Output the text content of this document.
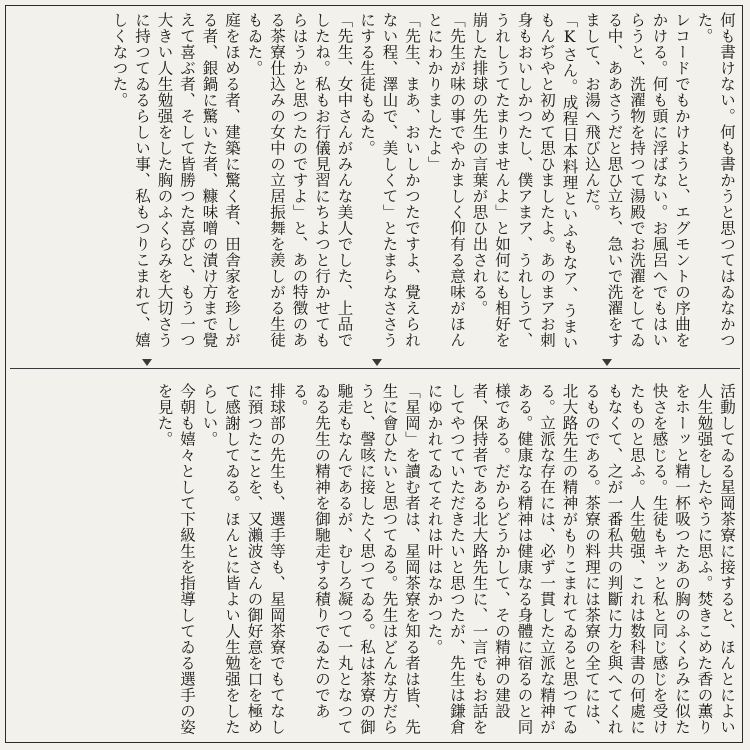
何も書けない。何も書かうと思つてはゐなかつた。

レコードでもかけようと、エグモントの序曲をかける。何も頭に浮ばない。お風呂へでもはいらうと、洗濯物を持つて湯殿でお洗濯をしてゐる中、ああさうだと思ひ立ち、急いで洗濯をすまして、お湯へ飛び込んだ。

「Kさん。成程日本料理といふもなア、うまいもんぢやと初めて思ひましたよ。あのまアお刺身もおいしかつたし、僕アまア、うれしうて、うれしうてたまりませんよ」と如何にも相好を崩した排球の先生の言葉が思ひ出される。

「先生が味の事でやかましく仰有る意味がほんとにわかりましたよ」

「先生、まあ、おいしかつたですよ、覺えられない程、澤山で、美しくて」とたまらなささうにする生徒もゐた。

「先生、女中さんがみんな美人でした、上品でしたね。私もお行儀見習にちよつと行かせてもらはうかと思つたのですよ」と、あの特徴のある茶寮仕込みの女中の立居振舞を羨しがる生徒もゐた。

庭をほめる者、建築に驚く者、田舎家を珍しがる者、銀鍋に驚いた者、糠味噌の漬け方まで覺えて喜ぶ者、そして皆勝つた喜びと、もう一つ大きい人生勉强をした胸のふくらみを大切さうに持つてゐるらしい事、私もつりこまれて、嬉しくなつた。

活動してゐる星岡茶寮に接すると、ほんとによい人生勉强をしたやうに思ふ。焚きこめた香の薫りをホーッと精一杯吸つたあの胸のふくらみに似た快さを感じる。生徒もキッと私と同じ感じを受けたものと思ふ。人生勉强、これは数科書の何處にもなくて、之が一番私共の判斷に力を與へてくれるものである。茶寮の料理には茶寮の全てには、北大路先生の精神がもりこまれてゐると思つてゐる。立派な存在には、必ず一貫した立派な精神がある。健康なる精神は健康なる身體に宿るのと同様である。だからどうかして、その精神の建設者、保持者である北大路先生に、一言でもお話をしてやつていただきたいと思つたが、先生は鎌倉にゆかれてゐてそれは叶はなかつた。

「星岡」を讀む者は、星岡茶寮を知る者は皆、先生に會ひたいと思つてゐる。先生はどんな方だらうと、謦咳に接したく思つてゐる。私は茶寮の御馳走もなんであるが、むしろ凝つて一丸となつてゐる先生の精神を御馳走する積りでゐたのである。

排球部の先生も、選手等も、星岡茶寮でもてなしに預つたことを、又瀨波さんの御好意を口を極めて感謝してゐる。ほんとに皆よい人生勉强をしたらしい。

今朝も嬉々として下級生を指導してゐる選手の姿を見た。
